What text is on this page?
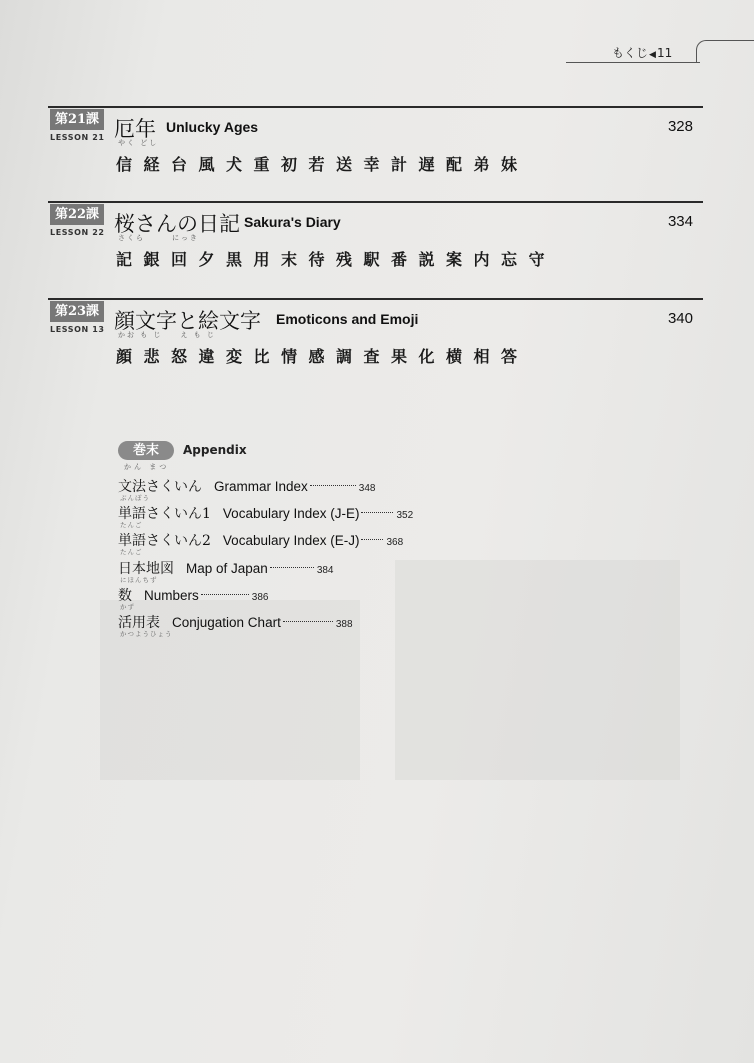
もくじ◀11
第21課
LESSON 21 厄年
やく どし
Unlucky Ages	328
信経台風犬重初若送幸計遅配弟妹
第22課
LESSON 22 桜さんの日記
さくら　　　にっき
Sakura's Diary	334
記銀回夕黒用末待残駅番説案内忘守
第23課
LESSON 13 顔文字と絵文字
かお も じ　　え も じ
Emoticons and Emoji	340
顔悲怒違変比情感調査果化横相答
巻末	Appendix
かん まつ
文法さくいん Grammar Index	348
ぶんぽう
単語さくいん1 Vocabulary Index (J-E)	352
たんご
単語さくいん2 Vocabulary Index (E-J)	368
たんご
日本地図 Map of Japan	384
にほんちず
数 Numbers	386
かず
活用表 Conjugation Chart	388
かつようひょう
